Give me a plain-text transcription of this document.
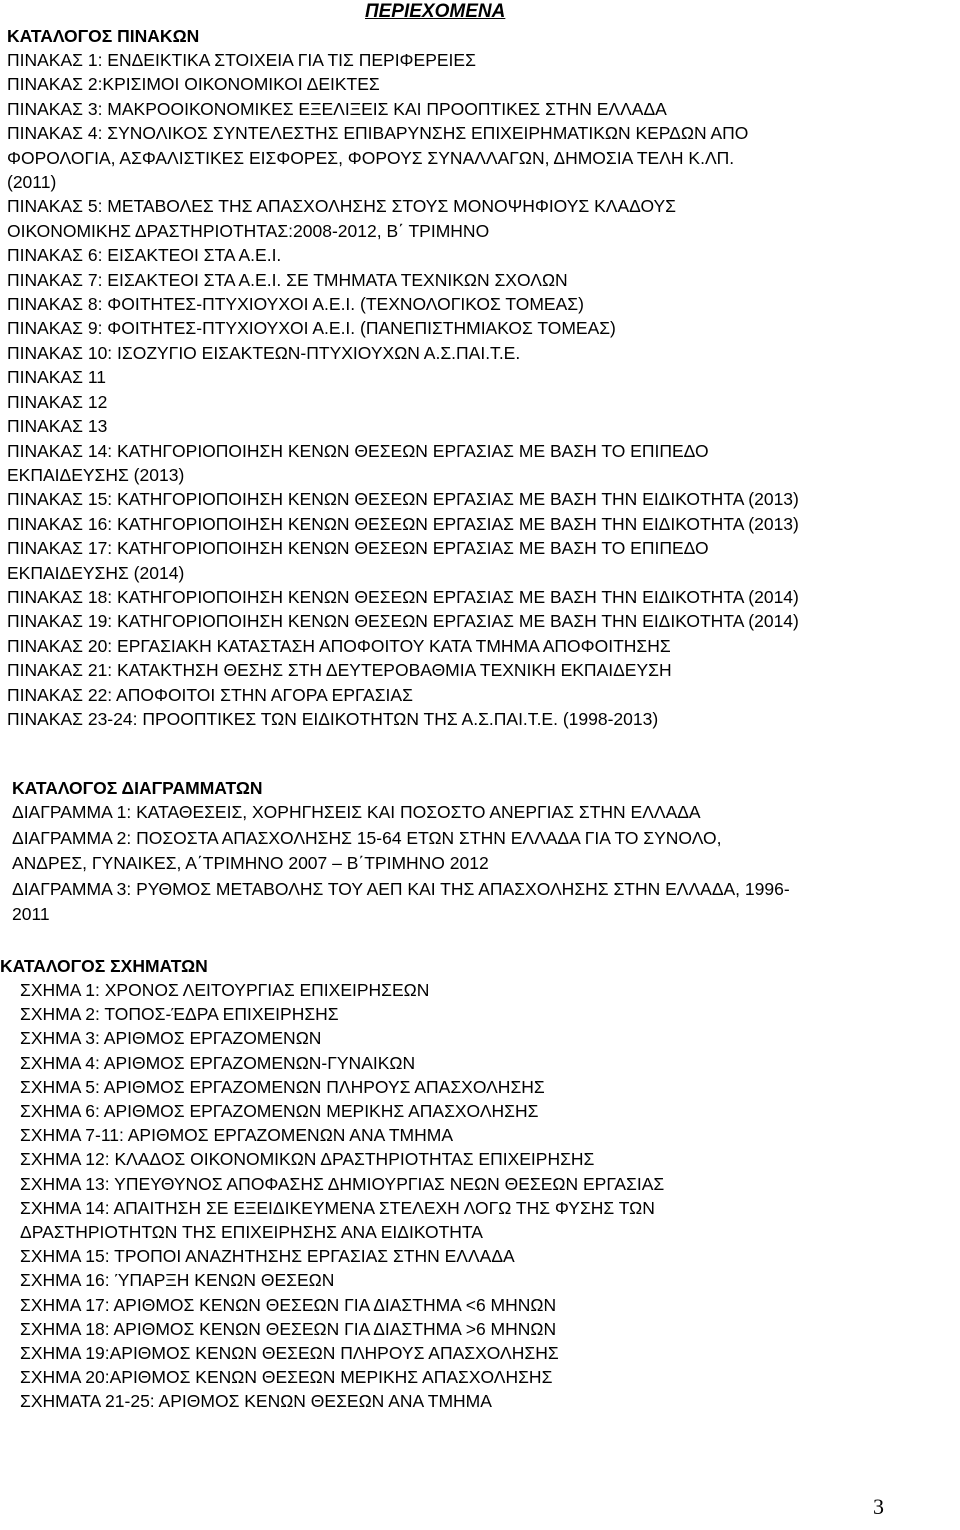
ΠΕΡΙΕΧΟΜΕΝΑ
ΚΑΤΑΛΟΓΟΣ ΠΙΝΑΚΩΝ
ΠΙΝΑΚΑΣ 1: ΕΝΔΕΙΚΤΙΚΑ ΣΤΟΙΧΕΙΑ ΓΙΑ ΤΙΣ ΠΕΡΙΦΕΡΕΙΕΣ
ΠΙΝΑΚΑΣ 2:ΚΡΙΣΙΜΟΙ ΟΙΚΟΝΟΜΙΚΟΙ ΔΕΙΚΤΕΣ
ΠΙΝΑΚΑΣ 3: ΜΑΚΡΟΟΙΚΟΝΟΜΙΚΕΣ ΕΞΕΛΙΞΕΙΣ ΚΑΙ ΠΡΟΟΠΤΙΚΕΣ ΣΤΗΝ ΕΛΛΑΔΑ
ΠΙΝΑΚΑΣ 4: ΣΥΝΟΛΙΚΟΣ ΣΥΝΤΕΛΕΣΤΗΣ ΕΠΙΒΑΡΥΝΣΗΣ ΕΠΙΧΕΙΡΗΜΑΤΙΚΩΝ ΚΕΡΔΩΝ ΑΠΟ
ΦΟΡΟΛΟΓΙΑ, ΑΣΦΑΛΙΣΤΙΚΕΣ ΕΙΣΦΟΡΕΣ, ΦΟΡΟΥΣ ΣΥΝΑΛΛΑΓΩΝ, ΔΗΜΟΣΙΑ ΤΕΛΗ Κ.ΛΠ.
(2011)
ΠΙΝΑΚΑΣ 5: ΜΕΤΑΒΟΛΕΣ ΤΗΣ ΑΠΑΣΧΟΛΗΣΗΣ ΣΤΟΥΣ ΜΟΝΟΨΗΦΙΟΥΣ ΚΛΑΔΟΥΣ
ΟΙΚΟΝΟΜΙΚΗΣ ΔΡΑΣΤΗΡΙΟΤΗΤΑΣ:2008-2012, Β΄ ΤΡΙΜΗΝΟ
ΠΙΝΑΚΑΣ 6: ΕΙΣΑΚΤΕΟΙ ΣΤΑ Α.Ε.Ι.
ΠΙΝΑΚΑΣ 7: ΕΙΣΑΚΤΕΟΙ ΣΤΑ Α.Ε.Ι. ΣΕ ΤΜΗΜΑΤΑ ΤΕΧΝΙΚΩΝ ΣΧΟΛΩΝ
ΠΙΝΑΚΑΣ 8: ΦΟΙΤΗΤΕΣ-ΠΤΥΧΙΟΥΧΟΙ Α.Ε.Ι. (ΤΕΧΝΟΛΟΓΙΚΟΣ ΤΟΜΕΑΣ)
ΠΙΝΑΚΑΣ 9: ΦΟΙΤΗΤΕΣ-ΠΤΥΧΙΟΥΧΟΙ Α.Ε.Ι. (ΠΑΝΕΠΙΣΤΗΜΙΑΚΟΣ ΤΟΜΕΑΣ)
ΠΙΝΑΚΑΣ 10: ΙΣΟΖΥΓΙΟ ΕΙΣΑΚΤΕΩΝ-ΠΤΥΧΙΟΥΧΩΝ Α.Σ.ΠΑΙ.Τ.Ε.
ΠΙΝΑΚΑΣ 11
ΠΙΝΑΚΑΣ 12
ΠΙΝΑΚΑΣ 13
ΠΙΝΑΚΑΣ 14: ΚΑΤΗΓΟΡΙΟΠΟΙΗΣΗ ΚΕΝΩΝ ΘΕΣΕΩΝ ΕΡΓΑΣΙΑΣ ΜΕ ΒΑΣΗ ΤΟ ΕΠΙΠΕΔΟ
ΕΚΠΑΙΔΕΥΣΗΣ (2013)
ΠΙΝΑΚΑΣ 15: ΚΑΤΗΓΟΡΙΟΠΟΙΗΣΗ ΚΕΝΩΝ ΘΕΣΕΩΝ ΕΡΓΑΣΙΑΣ ΜΕ ΒΑΣΗ ΤΗΝ ΕΙΔΙΚΟΤΗΤΑ (2013)
ΠΙΝΑΚΑΣ 16: ΚΑΤΗΓΟΡΙΟΠΟΙΗΣΗ ΚΕΝΩΝ ΘΕΣΕΩΝ ΕΡΓΑΣΙΑΣ ΜΕ ΒΑΣΗ ΤΗΝ ΕΙΔΙΚΟΤΗΤΑ (2013)
ΠΙΝΑΚΑΣ 17: ΚΑΤΗΓΟΡΙΟΠΟΙΗΣΗ ΚΕΝΩΝ ΘΕΣΕΩΝ ΕΡΓΑΣΙΑΣ ΜΕ ΒΑΣΗ ΤΟ ΕΠΙΠΕΔΟ
ΕΚΠΑΙΔΕΥΣΗΣ (2014)
ΠΙΝΑΚΑΣ 18: ΚΑΤΗΓΟΡΙΟΠΟΙΗΣΗ ΚΕΝΩΝ ΘΕΣΕΩΝ ΕΡΓΑΣΙΑΣ ΜΕ ΒΑΣΗ ΤΗΝ ΕΙΔΙΚΟΤΗΤΑ (2014)
ΠΙΝΑΚΑΣ 19: ΚΑΤΗΓΟΡΙΟΠΟΙΗΣΗ ΚΕΝΩΝ ΘΕΣΕΩΝ ΕΡΓΑΣΙΑΣ ΜΕ ΒΑΣΗ ΤΗΝ ΕΙΔΙΚΟΤΗΤΑ (2014)
ΠΙΝΑΚΑΣ 20: ΕΡΓΑΣΙΑΚΗ ΚΑΤΑΣΤΑΣΗ ΑΠΟΦΟΙΤΟΥ ΚΑΤΑ ΤΜΗΜΑ ΑΠΟΦΟΙΤΗΣΗΣ
ΠΙΝΑΚΑΣ 21: ΚΑΤΑΚΤΗΣΗ ΘΕΣΗΣ ΣΤΗ ΔΕΥΤΕΡΟΒΑΘΜΙΑ ΤΕΧΝΙΚΗ ΕΚΠΑΙΔΕΥΣΗ
ΠΙΝΑΚΑΣ 22: ΑΠΟΦΟΙΤΟΙ ΣΤΗΝ ΑΓΟΡΑ ΕΡΓΑΣΙΑΣ
ΠΙΝΑΚΑΣ 23-24: ΠΡΟΟΠΤΙΚΕΣ ΤΩΝ ΕΙΔΙΚΟΤΗΤΩΝ ΤΗΣ Α.Σ.ΠΑΙ.Τ.Ε. (1998-2013)
ΚΑΤΑΛΟΓΟΣ ΔΙΑΓΡΑΜΜΑΤΩΝ
ΔΙΑΓΡΑΜΜΑ 1: ΚΑΤΑΘΕΣΕΙΣ, ΧΟΡΗΓΗΣΕΙΣ ΚΑΙ ΠΟΣΟΣΤΟ ΑΝΕΡΓΙΑΣ ΣΤΗΝ ΕΛΛΑΔΑ
ΔΙΑΓΡΑΜΜΑ 2: ΠΟΣΟΣΤΑ ΑΠΑΣΧΟΛΗΣΗΣ 15-64 ΕΤΩΝ ΣΤΗΝ ΕΛΛΑΔΑ ΓΙΑ ΤΟ ΣΥΝΟΛΟ,
ΑΝΔΡΕΣ, ΓΥΝΑΙΚΕΣ, Α΄ΤΡΙΜΗΝΟ 2007 – Β΄ΤΡΙΜΗΝΟ 2012
ΔΙΑΓΡΑΜΜΑ 3: ΡΥΘΜΟΣ ΜΕΤΑΒΟΛΗΣ ΤΟΥ ΑΕΠ ΚΑΙ ΤΗΣ ΑΠΑΣΧΟΛΗΣΗΣ ΣΤΗΝ ΕΛΛΑΔΑ, 1996-
2011
ΚΑΤΑΛΟΓΟΣ ΣΧΗΜΑΤΩΝ
ΣΧΗΜΑ 1: ΧΡΟΝΟΣ ΛΕΙΤΟΥΡΓΙΑΣ ΕΠΙΧΕΙΡΗΣΕΩΝ
ΣΧΗΜΑ 2: ΤΟΠΟΣ-ΈΔΡΑ ΕΠΙΧΕΙΡΗΣΗΣ
ΣΧΗΜΑ 3: ΑΡΙΘΜΟΣ ΕΡΓΑΖΟΜΕΝΩΝ
ΣΧΗΜΑ 4: ΑΡΙΘΜΟΣ ΕΡΓΑΖΟΜΕΝΩΝ-ΓΥΝΑΙΚΩΝ
ΣΧΗΜΑ 5: ΑΡΙΘΜΟΣ ΕΡΓΑΖΟΜΕΝΩΝ ΠΛΗΡΟΥΣ ΑΠΑΣΧΟΛΗΣΗΣ
ΣΧΗΜΑ 6: ΑΡΙΘΜΟΣ ΕΡΓΑΖΟΜΕΝΩΝ ΜΕΡΙΚΗΣ ΑΠΑΣΧΟΛΗΣΗΣ
ΣΧΗΜΑ 7-11: ΑΡΙΘΜΟΣ ΕΡΓΑΖΟΜΕΝΩΝ ΑΝΑ ΤΜΗΜΑ
ΣΧΗΜΑ 12: ΚΛΑΔΟΣ ΟΙΚΟΝΟΜΙΚΩΝ ΔΡΑΣΤΗΡΙΟΤΗΤΑΣ ΕΠΙΧΕΙΡΗΣΗΣ
ΣΧΗΜΑ 13: ΥΠΕΥΘΥΝΟΣ ΑΠΟΦΑΣΗΣ ΔΗΜΙΟΥΡΓΙΑΣ ΝΕΩΝ ΘΕΣΕΩΝ ΕΡΓΑΣΙΑΣ
ΣΧΗΜΑ 14: ΑΠΑΙΤΗΣΗ ΣΕ ΕΞΕΙΔΙΚΕΥΜΕΝΑ ΣΤΕΛΕΧΗ ΛΟΓΩ ΤΗΣ ΦΥΣΗΣ ΤΩΝ
ΔΡΑΣΤΗΡΙΟΤΗΤΩΝ ΤΗΣ ΕΠΙΧΕΙΡΗΣΗΣ ΑΝΑ ΕΙΔΙΚΟΤΗΤΑ
ΣΧΗΜΑ 15: ΤΡΟΠΟΙ ΑΝΑΖΗΤΗΣΗΣ ΕΡΓΑΣΙΑΣ ΣΤΗΝ ΕΛΛΑΔΑ
ΣΧΗΜΑ 16: ΎΠΑΡΞΗ ΚΕΝΩΝ ΘΕΣΕΩΝ
ΣΧΗΜΑ 17: ΑΡΙΘΜΟΣ ΚΕΝΩΝ ΘΕΣΕΩΝ ΓΙΑ ΔΙΑΣΤΗΜΑ <6 ΜΗΝΩΝ
ΣΧΗΜΑ 18: ΑΡΙΘΜΟΣ ΚΕΝΩΝ ΘΕΣΕΩΝ ΓΙΑ ΔΙΑΣΤΗΜΑ >6 ΜΗΝΩΝ
ΣΧΗΜΑ 19:ΑΡΙΘΜΟΣ ΚΕΝΩΝ ΘΕΣΕΩΝ ΠΛΗΡΟΥΣ ΑΠΑΣΧΟΛΗΣΗΣ
ΣΧΗΜΑ 20:ΑΡΙΘΜΟΣ ΚΕΝΩΝ ΘΕΣΕΩΝ ΜΕΡΙΚΗΣ ΑΠΑΣΧΟΛΗΣΗΣ
ΣΧΗΜΑΤΑ 21-25: ΑΡΙΘΜΟΣ ΚΕΝΩΝ ΘΕΣΕΩΝ ΑΝΑ ΤΜΗΜΑ
3
